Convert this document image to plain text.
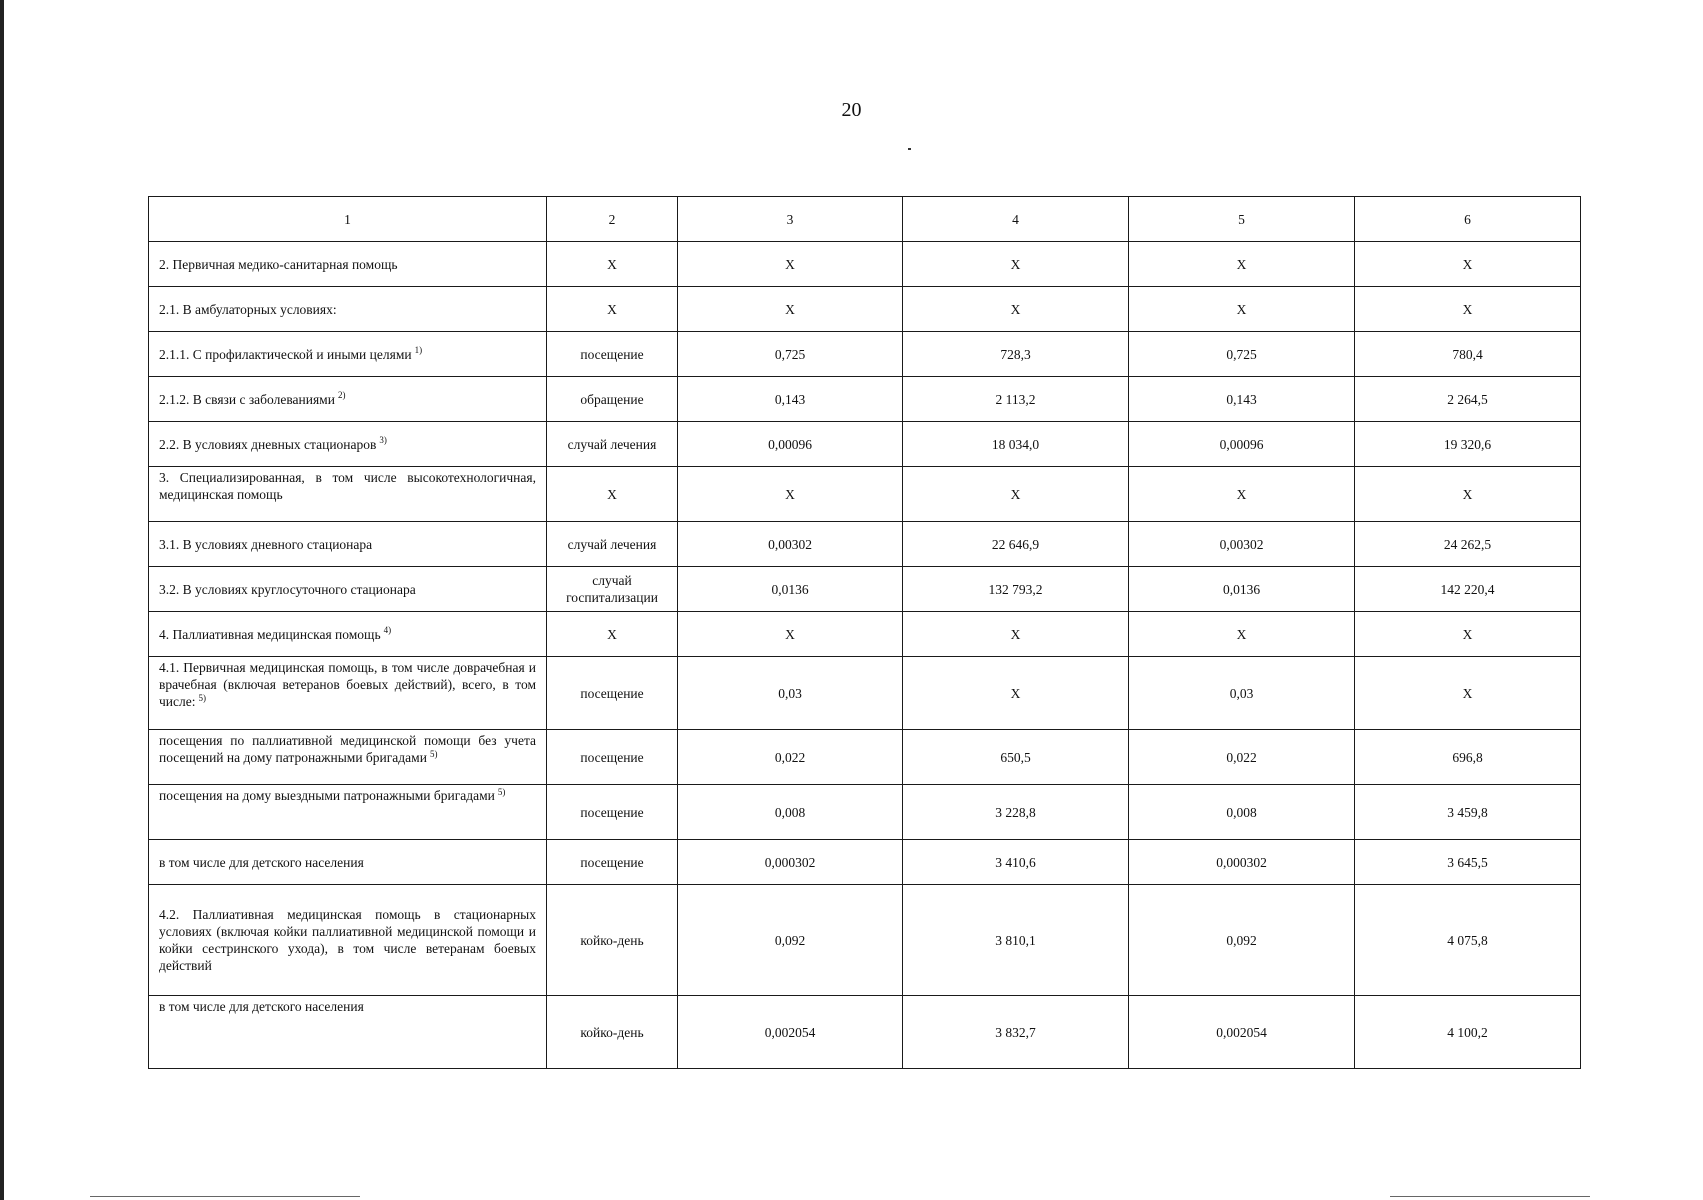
20
1	2	3	4	5	6
2. Первичная медико-санитарная помощь	Х	Х	Х	Х	Х
2.1. В амбулаторных условиях:	Х	Х	Х	Х	Х
2.1.1. С профилактической и иными целями $^{1)}$	посещение	0,725	728,3	0,725	780,4
2.1.2. В связи с заболеваниями $^{2)}$	обращение	0,143	2 113,2	0,143	2 264,5
2.2. В условиях дневных стационаров $^{3)}$	случай лечения	0,00096	18 034,0	0,00096	19 320,6
3. Специализированная, в том числе высокотехнологичная, медицинская помощь	Х	Х	Х	Х	Х
3.1. В условиях дневного стационара	случай лечения	0,00302	22 646,9	0,00302	24 262,5
3.2. В условиях круглосуточного стационара	случай госпитализации	0,0136	132 793,2	0,0136	142 220,4
4. Паллиативная медицинская помощь $^{4)}$	Х	Х	Х	Х	Х
4.1. Первичная медицинская помощь, в том числе доврачебная и врачебная (включая ветеранов боевых действий), всего, в том числе: $^{5)}$	посещение	0,03	Х	0,03	Х
посещения по паллиативной медицинской помощи без учета посещений на дому патронажными бригадами $^{5)}$	посещение	0,022	650,5	0,022	696,8
посещения на дому выездными патронажными бригадами $^{5)}$	посещение	0,008	3 228,8	0,008	3 459,8
в том числе для детского населения	посещение	0,000302	3 410,6	0,000302	3 645,5
4.2. Паллиативная медицинская помощь в стационарных условиях (включая койки паллиативной медицинской помощи и койки сестринского ухода), в том числе ветеранам боевых действий	койко-день	0,092	3 810,1	0,092	4 075,8
в том числе для детского населения	койко-день	0,002054	3 832,7	0,002054	4 100,2
